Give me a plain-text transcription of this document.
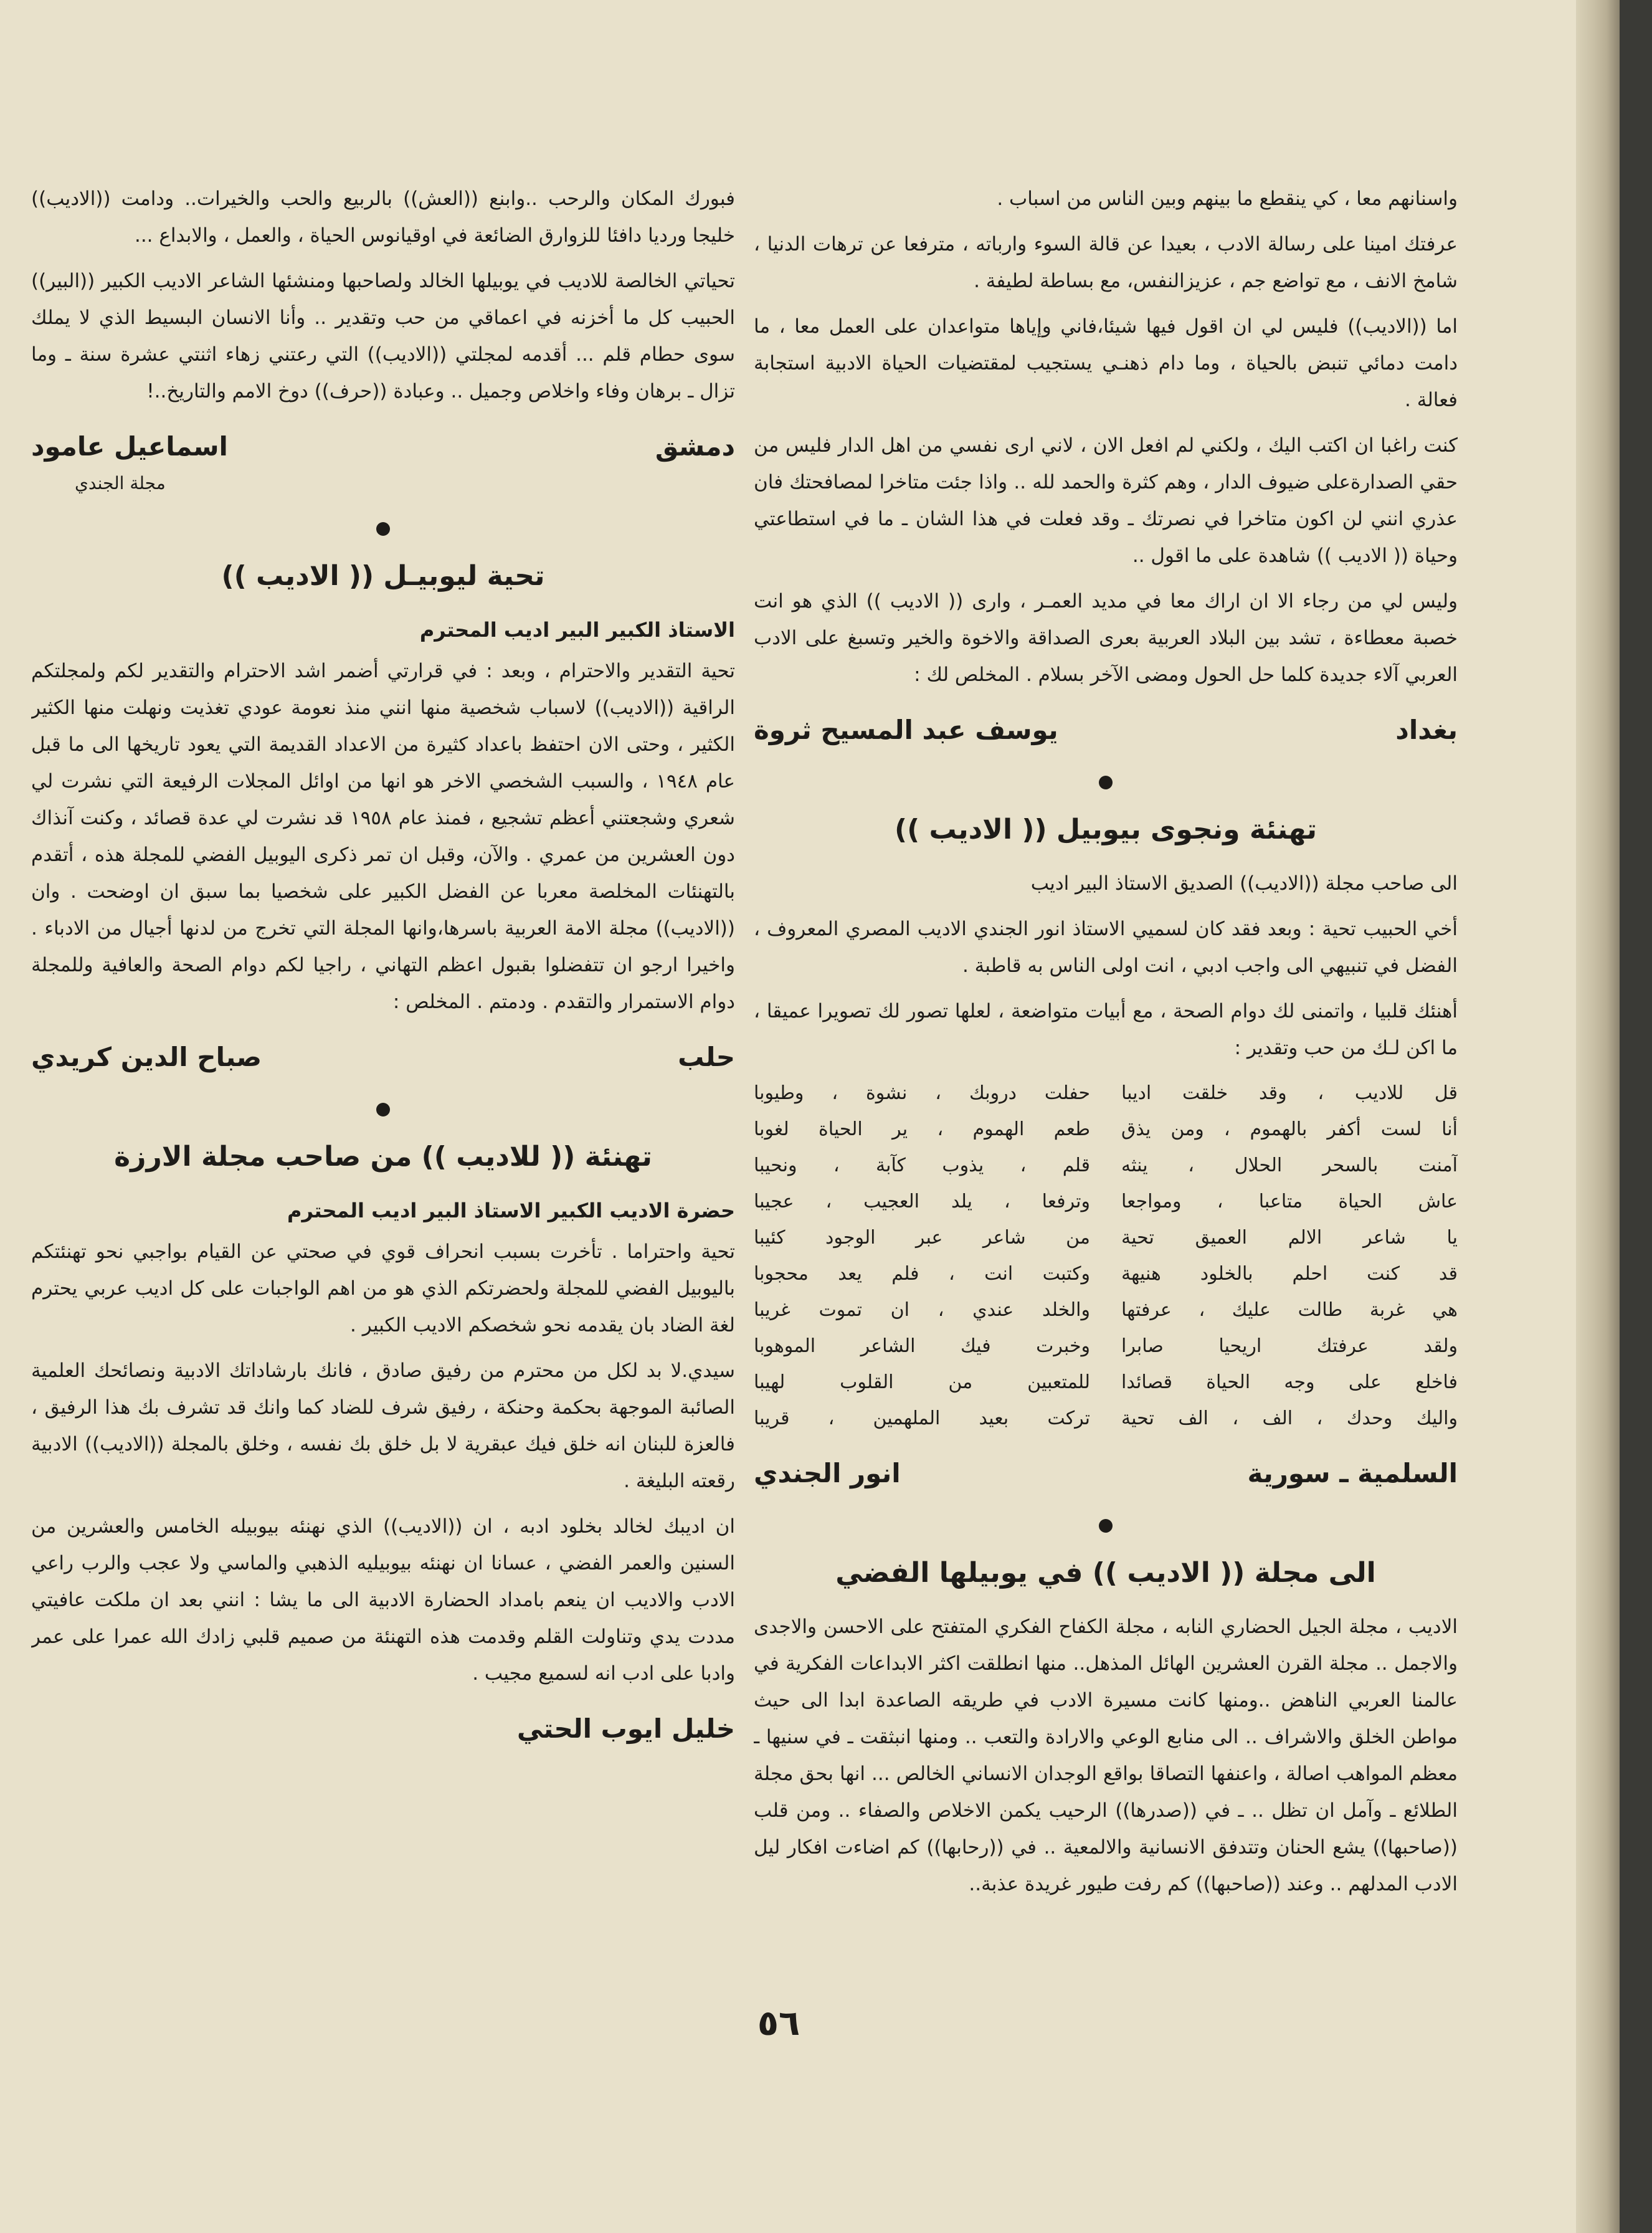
واسنانهم معا ، كي ينقطع ما بينهم وبين الناس من اسباب .

عرفتك امينا على رسالة الادب ، بعيدا عن قالة السوء وارباته ، مترفعا عن ترهات الدنيا ، شامخ الانف ، مع تواضع جم ، عزيزالنفس، مع بساطة لطيفة .

اما ((الاديب)) فليس لي ان اقول فيها شيئا،فاني وإياها متواعدان على العمل معا ، ما دامت دمائي تنبض بالحياة ، وما دام ذهنـي يستجيب لمقتضيات الحياة الادبية استجابة فعالة .

كنت راغبا ان اكتب اليك ، ولكني لم افعل الان ، لاني ارى نفسي من اهل الدار فليس من حقي الصدارةعلى ضيوف الدار ، وهم كثرة والحمد لله .. واذا جئت متاخرا لمصافحتك فان عذري انني لن اكون متاخرا في نصرتك ـ وقد فعلت في هذا الشان ـ ما في استطاعتي وحياة (( الاديب )) شاهدة على ما اقول ..

وليس لي من رجاء الا ان اراك معا في مديد العمـر ، وارى (( الاديب )) الذي هو انت خصبة معطاءة ، تشد بين البلاد العربية بعرى الصداقة والاخوة والخير وتسبغ على الادب العربي آلاء جديدة كلما حل الحول ومضى الآخر بسلام . المخلص لك :

بغداد
يوسف عبد المسيح ثروة
تهنئة ونجوى بيوبيل (( الاديب ))

الى صاحب مجلة ((الاديب)) الصديق الاستاذ البير اديب

أخي الحبيب تحية : وبعد فقد كان لسميي الاستاذ انور الجندي الاديب المصري المعروف ، الفضل في تنبيهي الى واجب ادبي ، انت اولى الناس به قاطبة .

أهنئك قلبيا ، واتمنى لك دوام الصحة ، مع أبيات متواضعة ، لعلها تصور لك تصويرا عميقا ، ما اكن لـك من حب وتقدير :

قل للاديب ، وقد خلقت اديبا
حفلت دروبك ، نشوة ، وطيوبا
أنا لست أكفر بالهموم ، ومن يذق
طعم الهموم ، ير الحياة لغوبا
آمنت بالسحر الحلال ، ينثه
قلم ، يذوب كآبة ، ونحيبا
عاش الحياة متاعبا ، ومواجعا
وترفعا ، يلد العجيب ، عجيبا
يا شاعر الالم العميق تحية
من شاعر عبر الوجود كئيبا
قد كنت احلم بالخلود هنيهة
وكتبت انت ، فلم يعد محجوبا
هي غربة طالت عليك ، عرفتها
والخلد عندي ، ان تموت غريبا
ولقد عرفتك اريحيا صابرا
وخبرت فيك الشاعر الموهوبا
فاخلع على وجه الحياة قصائدا
للمتعبين من القلوب لهيبا
واليك وحدك ، الف ، الف تحية
تركت بعيد الملهمين ، قريبا
السلمية ـ سورية
انور الجندي
الى مجلة (( الاديب )) في يوبيلها الفضي

الاديب ، مجلة الجيل الحضاري النابه ، مجلة الكفاح الفكري المتفتح على الاحسن والاجدى والاجمل .. مجلة القرن العشرين الهائل المذهل.. منها انطلقت اكثر الابداعات الفكرية في عالمنا العربي الناهض ..ومنها كانت مسيرة الادب في طريقه الصاعدة ابدا الى حيث مواطن الخلق والاشراف .. الى منابع الوعي والارادة والتعب .. ومنها انبثقت ـ في سنيها ـ معظم المواهب اصالة ، واعنفها التصاقا بواقع الوجدان الانساني الخالص ... انها بحق مجلة الطلائع ـ وآمل ان تظل .. ـ في ((صدرها)) الرحيب يكمن الاخلاص والصفاء .. ومن قلب ((صاحبها)) يشع الحنان وتتدفق الانسانية والالمعية .. في ((رحابها)) كم اضاءت افكار ليل الادب المدلهم .. وعند ((صاحبها)) كم رفت طيور غريدة عذبة..

فبورك المكان والرحب ..وابنع ((العش)) بالربيع والحب والخيرات.. ودامت ((الاديب)) خليجا ورديا دافئا للزوارق الضائعة في اوقيانوس الحياة ، والعمل ، والابداع ...

تحياتي الخالصة للاديب في يوبيلها الخالد ولصاحبها ومنشئها الشاعر الاديب الكبير ((البير)) الحبيب كل ما أخزنه في اعماقي من حب وتقدير .. وأنا الانسان البسيط الذي لا يملك سوى حطام قلم ... أقدمه لمجلتي ((الاديب)) التي رعتني زهاء اثنتي عشرة سنة ـ وما تزال ـ برهان وفاء واخلاص وجميل .. وعبادة ((حرف)) دوخ الامم والتاريخ..!

دمشق
اسماعيل عامود
مجلة الجندي
تحية ليوبيـل (( الاديب ))
الاستاذ الكبير البير اديب المحترم

تحية التقدير والاحترام ، وبعد : في قرارتي أضمر اشد الاحترام والتقدير لكم ولمجلتكم الراقية ((الاديب)) لاسباب شخصية منها انني منذ نعومة عودي تغذيت ونهلت منها الكثير الكثير ، وحتى الان احتفظ باعداد كثيرة من الاعداد القديمة التي يعود تاريخها الى ما قبل عام ١٩٤٨ ، والسبب الشخصي الاخر هو انها من اوائل المجلات الرفيعة التي نشرت لي شعري وشجعتني أعظم تشجيع ، فمنذ عام ١٩٥٨ قد نشرت لي عدة قصائد ، وكنت آنذاك دون العشرين من عمري . والآن، وقبل ان تمر ذكرى اليوبيل الفضي للمجلة هذه ، أتقدم بالتهنئات المخلصة معربا عن الفضل الكبير على شخصيا بما سبق ان اوضحت . وان ((الاديب)) مجلة الامة العربية باسرها،وانها المجلة التي تخرج من لدنها أجيال من الادباء . واخيرا ارجو ان تتفضلوا بقبول اعظم التهاني ، راجيا لكم دوام الصحة والعافية وللمجلة دوام الاستمرار والتقدم . ودمتم . المخلص :

حلب
صباح الدين كريدي
تهنئة (( للاديب )) من صاحب مجلة الارزة
حضرة الاديب الكبير الاستاذ البير اديب المحترم

تحية واحتراما . تأخرت بسبب انحراف قوي في صحتي عن القيام بواجبي نحو تهنئتكم باليوبيل الفضي للمجلة ولحضرتكم الذي هو من اهم الواجبات على كل اديب عربي يحترم لغة الضاد بان يقدمه نحو شخصكم الاديب الكبير .

سيدي.لا بد لكل من محترم من رفيق صادق ، فانك بارشاداتك الادبية ونصائحك العلمية الصائبة الموجهة بحكمة وحنكة ، رفيق شرف للضاد كما وانك قد تشرف بك هذا الرفيق ، فالعزة للبنان انه خلق فيك عبقرية لا بل خلق بك نفسه ، وخلق بالمجلة ((الاديب)) الادبية رقعته البليغة .

ان اديبك لخالد بخلود ادبه ، ان ((الاديب)) الذي نهنئه بيوبيله الخامس والعشرين من السنين والعمر الفضي ، عسانا ان نهنئه بيوبيليه الذهبي والماسي ولا عجب والرب راعي الادب والاديب ان ينعم بامداد الحضارة الادبية الى ما يشا : انني بعد ان ملكت عافيتي مددت يدي وتناولت القلم وقدمت هذه التهنئة من صميم قلبي زادك الله عمرا على عمر وادبا على ادب انه لسميع مجيب .

خليل ايوب الحتي
٥٦
